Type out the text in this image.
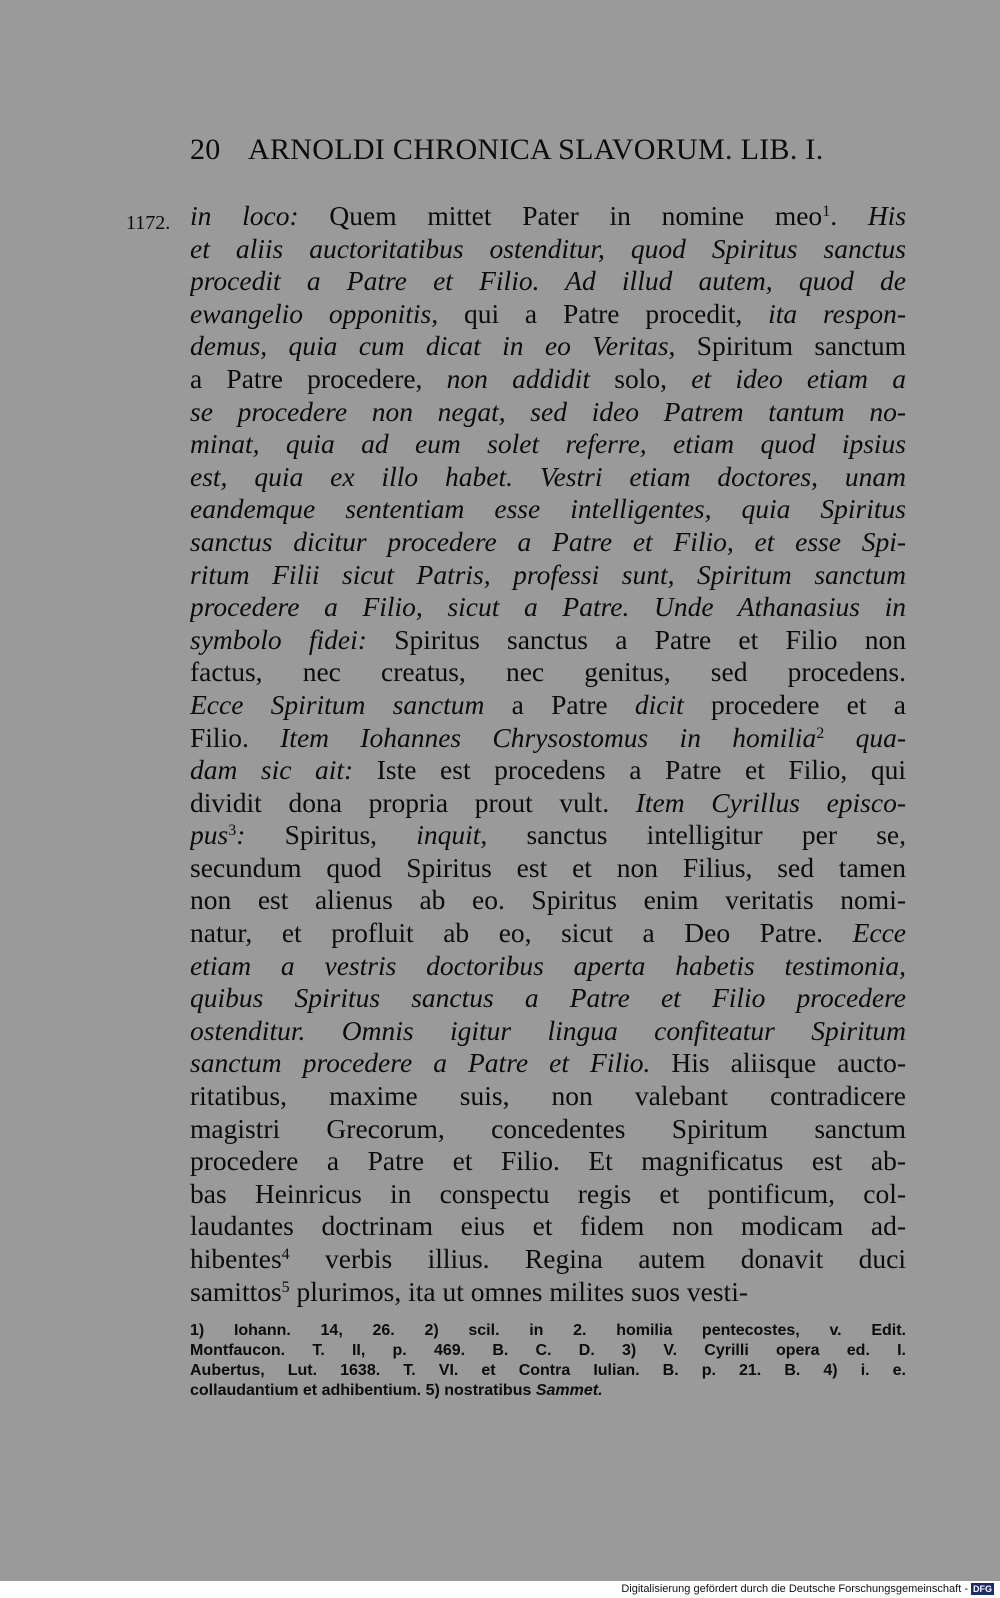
20 ARNOLDI CHRONICA SLAVORUM. LIB. I.
1172. in loco: Quem mittet Pater in nomine meo$^1$. His
et aliis auctoritatibus ostenditur, quod Spiritus sanctus
procedit a Patre et Filio. Ad illud autem, quod de
ewangelio opponitis, qui a Patre procedit, ita respon-
demus, quia cum dicat in eo Veritas, Spiritum sanctum
a Patre procedere, non addidit solo, et ideo etiam a
se procedere non negat, sed ideo Patrem tantum no-
minat, quia ad eum solet referre, etiam quod ipsius
est, quia ex illo habet. Vestri etiam doctores, unam
eandemque sententiam esse intelligentes, quia Spiritus
sanctus dicitur procedere a Patre et Filio, et esse Spi-
ritum Filii sicut Patris, professi sunt, Spiritum sanctum
procedere a Filio, sicut a Patre. Unde Athanasius in
symbolo fidei: Spiritus sanctus a Patre et Filio non
factus, nec creatus, nec genitus, sed procedens.
Ecce Spiritum sanctum a Patre dicit procedere et a
Filio. Item Iohannes Chrysostomus in homilia$^2$ qua-
dam sic ait: Iste est procedens a Patre et Filio, qui
dividit dona propria prout vult. Item Cyrillus episco-
pus$^3$: Spiritus, inquit, sanctus intelligitur per se,
secundum quod Spiritus est et non Filius, sed tamen
non est alienus ab eo. Spiritus enim veritatis nomi-
natur, et profluit ab eo, sicut a Deo Patre. Ecce
etiam a vestris doctoribus aperta habetis testimonia,
quibus Spiritus sanctus a Patre et Filio procedere
ostenditur. Omnis igitur lingua confiteatur Spiritum
sanctum procedere a Patre et Filio. His aliisque aucto-
ritatibus, maxime suis, non valebant contradicere
magistri Grecorum, concedentes Spiritum sanctum
procedere a Patre et Filio. Et magnificatus est ab-
bas Heinricus in conspectu regis et pontificum, col-
laudantes doctrinam eius et fidem non modicam ad-
hibentes$^4$ verbis illius. Regina autem donavit duci
samittos$^5$ plurimos, ita ut omnes milites suos vesti-
1) Iohann. 14, 26. 2) scil. in 2. homilia pentecostes, v. Edit.
Montfaucon. T. II, p. 469. B. C. D. 3) V. Cyrilli opera ed. I.
Aubertus, Lut. 1638. T. VI. et Contra Iulian. B. p. 21. B. 4) i. e.
collaudantium et adhibentium. 5) nostratibus Sammet.
Digitalisierung gefördert durch die Deutsche Forschungsgemeinschaft - DFG
